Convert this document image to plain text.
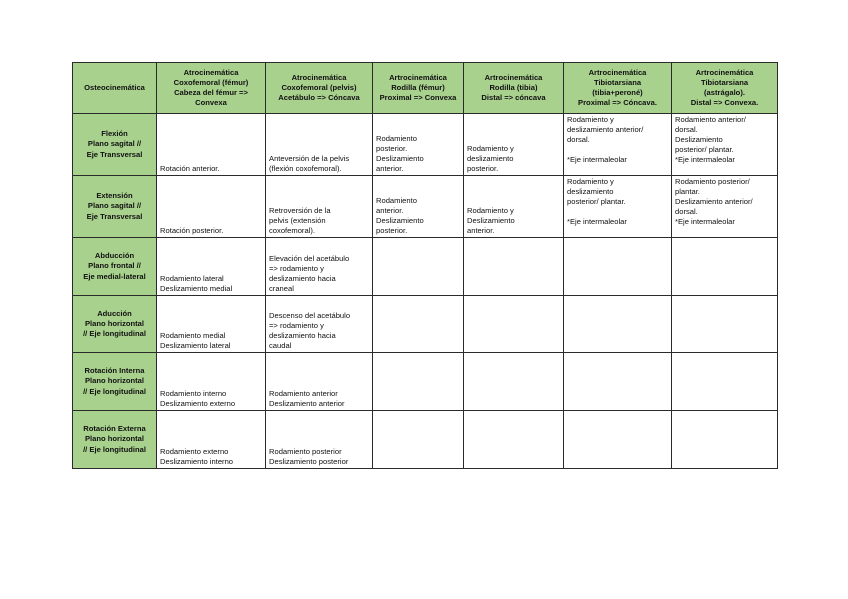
Osteocinemática	Atrocinemática
Coxofemoral (fémur)
Cabeza del fémur =>
Convexa	Atrocinemática
Coxofemoral (pelvis)
Acetábulo => Cóncava	Artrocinemática
Rodilla (fémur)
Proximal => Convexa	Artrocinemática
Rodilla (tibia)
Distal => cóncava	Artrocinemática
Tibiotarsiana
(tibia+peroné)
Proximal => Cóncava.	Artrocinemática
Tibiotarsiana
(astrágalo).
Distal => Convexa.
Flexión
Plano sagital //
Eje Transversal	Rotación anterior.	Anteversión de la pelvis
(flexión coxofemoral).	Rodamiento
posterior.
Deslizamiento
anterior.	Rodamiento y
deslizamiento
posterior.	Rodamiento y
deslizamiento anterior/
dorsal.

*Eje intermaleolar	Rodamiento anterior/
dorsal.
Deslizamiento
posterior/ plantar.
*Eje intermaleolar
Extensión
Plano sagital //
Eje Transversal	Rotación posterior.	Retroversión de la
pelvis (extensión
coxofemoral).	Rodamiento
anterior.
Deslizamiento
posterior.	Rodamiento y
Deslizamiento
anterior.	Rodamiento y
deslizamiento
posterior/ plantar.

*Eje intermaleolar	Rodamiento posterior/
plantar.
Deslizamiento anterior/
dorsal.
*Eje intermaleolar
Abducción
Plano frontal //
Eje medial-lateral	Rodamiento lateral
Deslizamiento medial	Elevación del acetábulo
=> rodamiento y
deslizamiento hacia
craneal				
Aducción
Plano horizontal
// Eje longitudinal	Rodamiento medial
Deslizamiento lateral	Descenso del acetábulo
=> rodamiento y
deslizamiento hacia
caudal				
Rotación Interna
Plano horizontal
// Eje longitudinal	Rodamiento interno
Deslizamiento externo	Rodamiento anterior
Deslizamiento anterior				
Rotación Externa
Plano horizontal
// Eje longitudinal	Rodamiento externo
Deslizamiento interno	Rodamiento posterior
Deslizamiento posterior				
